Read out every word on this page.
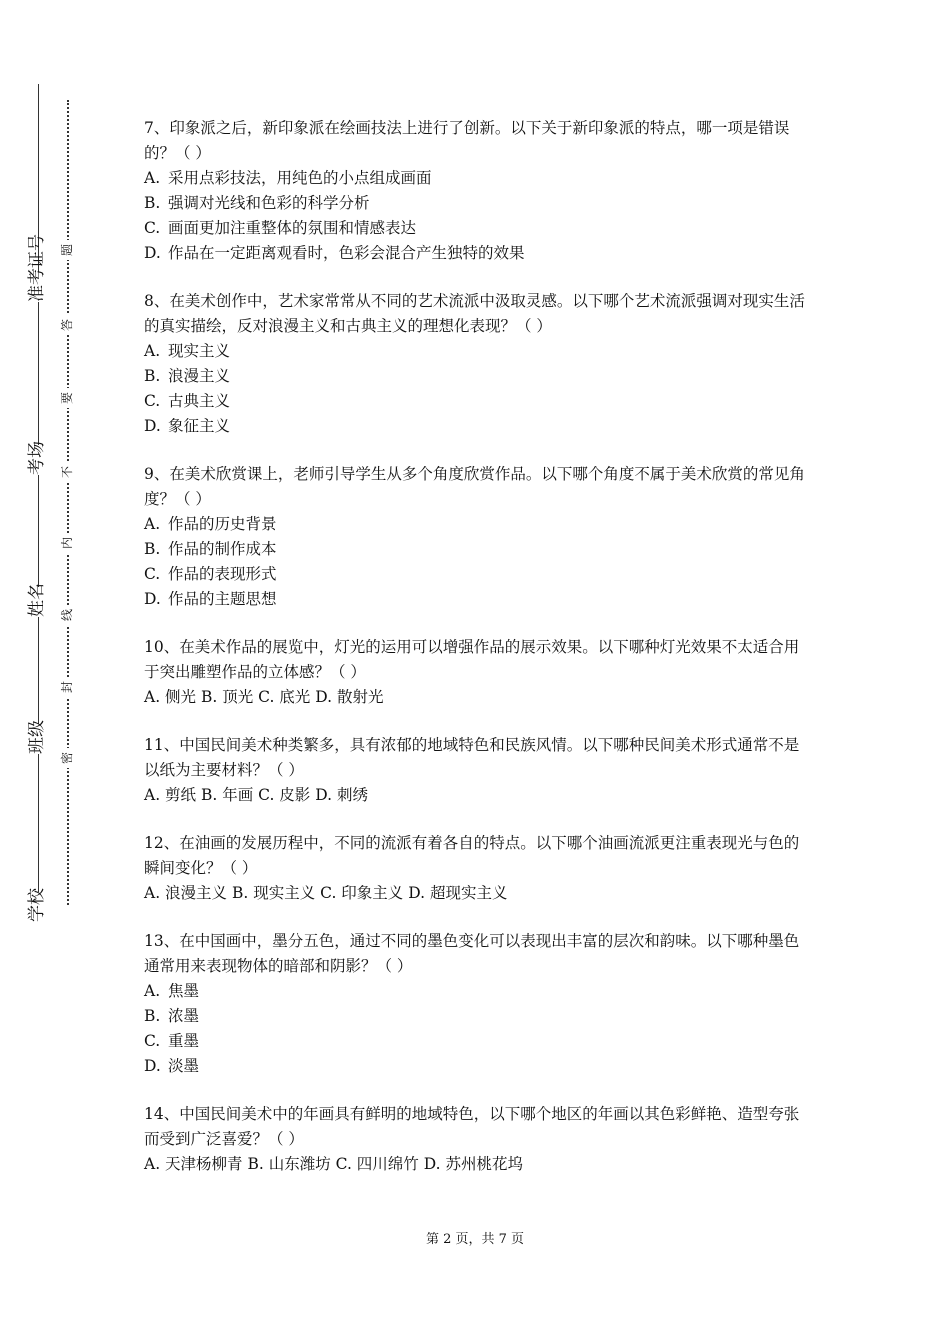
准考证号
考场
姓名
班级
学校
题
答
要
不
内
线
封
密

7、印象派之后，新印象派在绘画技法上进行了创新。以下关于新印象派的特点，哪一项是错误的？（ ）

A. 采用点彩技法，用纯色的小点组成画面

B. 强调对光线和色彩的科学分析

C. 画面更加注重整体的氛围和情感表达

D. 作品在一定距离观看时，色彩会混合产生独特的效果

8、在美术创作中，艺术家常常从不同的艺术流派中汲取灵感。以下哪个艺术流派强调对现实生活的真实描绘，反对浪漫主义和古典主义的理想化表现？（ ）

A. 现实主义

B. 浪漫主义

C. 古典主义

D. 象征主义

9、在美术欣赏课上，老师引导学生从多个角度欣赏作品。以下哪个角度不属于美术欣赏的常见角度？（ ）

A. 作品的历史背景

B. 作品的制作成本

C. 作品的表现形式

D. 作品的主题思想

10、在美术作品的展览中，灯光的运用可以增强作品的展示效果。以下哪种灯光效果不太适合用于突出雕塑作品的立体感？（ ）

A. 侧光 B. 顶光 C. 底光 D. 散射光

11、中国民间美术种类繁多，具有浓郁的地域特色和民族风情。以下哪种民间美术形式通常不是以纸为主要材料？（ ）

A. 剪纸 B. 年画 C. 皮影 D. 刺绣

12、在油画的发展历程中，不同的流派有着各自的特点。以下哪个油画流派更注重表现光与色的瞬间变化？（ ）

A. 浪漫主义 B. 现实主义 C. 印象主义 D. 超现实主义

13、在中国画中，墨分五色，通过不同的墨色变化可以表现出丰富的层次和韵味。以下哪种墨色通常用来表现物体的暗部和阴影？（ ）

A. 焦墨

B. 浓墨

C. 重墨

D. 淡墨

14、中国民间美术中的年画具有鲜明的地域特色，以下哪个地区的年画以其色彩鲜艳、造型夸张而受到广泛喜爱？（ ）

A. 天津杨柳青 B. 山东潍坊 C. 四川绵竹 D. 苏州桃花坞

第 2 页，共 7 页
